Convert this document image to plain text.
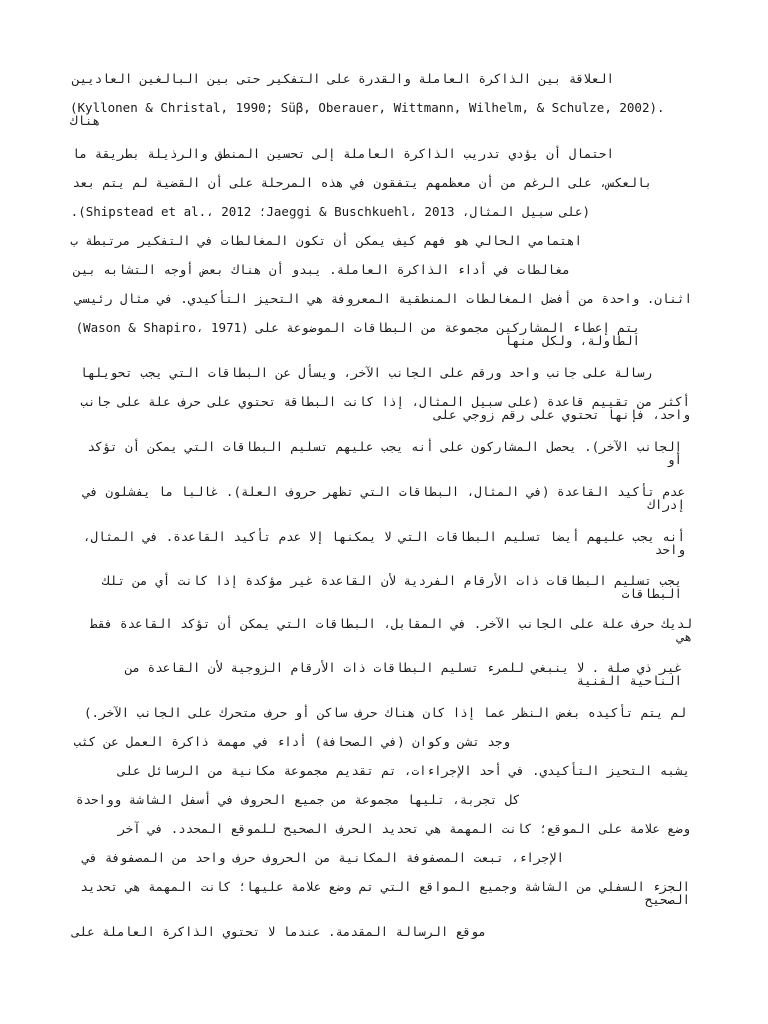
العلاقة بين الذاكرة العاملة والقدرة على التفكير حتى بين البالغين العاديين
(Kyllonen & Christal, 1990; Süβ, Oberauer, Wittmann, Wilhelm, & Schulze, 2002). هناك
احتمال أن يؤدي تدريب الذاكرة العاملة إلى تحسين المنطق والرذيلة بطريقة ما
بالعكس، على الرغم من أن معظمهم يتفقون في هذه المرحلة على أن القضية لم يتم بعد
(على سبيل المثال، Jaeggi & Buschkuehl، 2013؛ Shipstead et al.، 2012).
اهتمامي الحالي هو فهم كيف يمكن أن تكون المغالطات في التفكير مرتبطة ب
مغالطات في أداء الذاكرة العاملة. يبدو أن هناك بعض أوجه التشابه بين
اثنان. واحدة من أفضل المغالطات المنطقية المعروفة هي التحيز التأكيدي. في مثال رئيسي
يتم إعطاء المشاركين مجموعة من البطاقات الموضوعة على (Wason & Shapiro، 1971) الطاولة، ولكل منها
رسالة على جانب واحد ورقم على الجانب الآخر، ويسأل عن البطاقات التي يجب تحويلها
أكثر من تقييم قاعدة (على سبيل المثال، إذا كانت البطاقة تحتوي على حرف علة على جانب واحد، فإنها تحتوي على رقم زوجي على
الجانب الآخر). يحصل المشاركون على أنه يجب عليهم تسليم البطاقات التي يمكن أن تؤكد أو
عدم تأكيد القاعدة (في المثال، البطاقات التي تظهر حروف العلة). غالبا ما يفشلون في إدراك
أنه يجب عليهم أيضا تسليم البطاقات التي لا يمكنها إلا عدم تأكيد القاعدة. في المثال، واحد
يجب تسليم البطاقات ذات الأرقام الفردية لأن القاعدة غير مؤكدة إذا كانت أي من تلك البطاقات
لديك حرف علة على الجانب الآخر. في المقابل، البطاقات التي يمكن أن تؤكد القاعدة فقط هي
غير ذي صلة . لا ينبغي للمرء تسليم البطاقات ذات الأرقام الزوجية لأن القاعدة من الناحية الفنية
لم يتم تأكيده بغض النظر عما إذا كان هناك حرف ساكن أو حرف متحرك على الجانب الآخر.)
وجد تشن وكوان (في الصحافة) أداء في مهمة ذاكرة العمل عن كثب
يشبه التحيز التأكيدي. في أحد الإجراءات، تم تقديم مجموعة مكانية من الرسائل على
كل تجربة، تليها مجموعة من جميع الحروف في أسفل الشاشة وواحدة
وضع علامة على الموقع؛ كانت المهمة هي تحديد الحرف الصحيح للموقع المحدد. في آخر
الإجراء، تبعت المصفوفة المكانية من الحروف حرف واحد من المصفوفة في
الجزء السفلي من الشاشة وجميع المواقع التي تم وضع علامة عليها؛ كانت المهمة هي تحديد الصحيح
موقع الرسالة المقدمة. عندما لا تحتوي الذاكرة العاملة على
